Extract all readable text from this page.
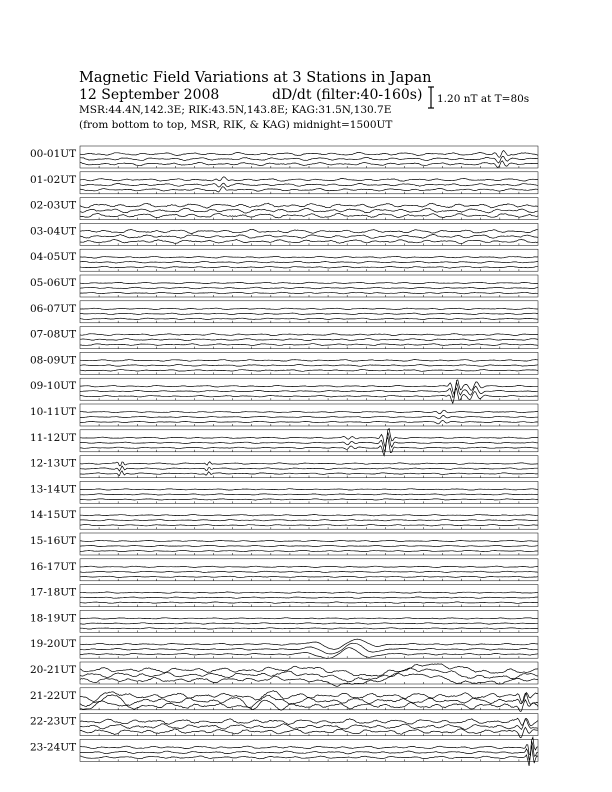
Magnetic Field Variations at 3 Stations in Japan
12 September 2008	dD/dt (filter:40-160s)
MSR:44.4N,142.3E; RIK:43.5N,143.8E; KAG:31.5N,130.7E
(from bottom to top, MSR, RIK, & KAG) midnight=1500UT
1.20 nT at T=80s
00-01UT
01-02UT
02-03UT
03-04UT
04-05UT
05-06UT
06-07UT
07-08UT
08-09UT
09-10UT
10-11UT
11-12UT
12-13UT
13-14UT
14-15UT
15-16UT
16-17UT
17-18UT
18-19UT
19-20UT
20-21UT
21-22UT
22-23UT
23-24UT
